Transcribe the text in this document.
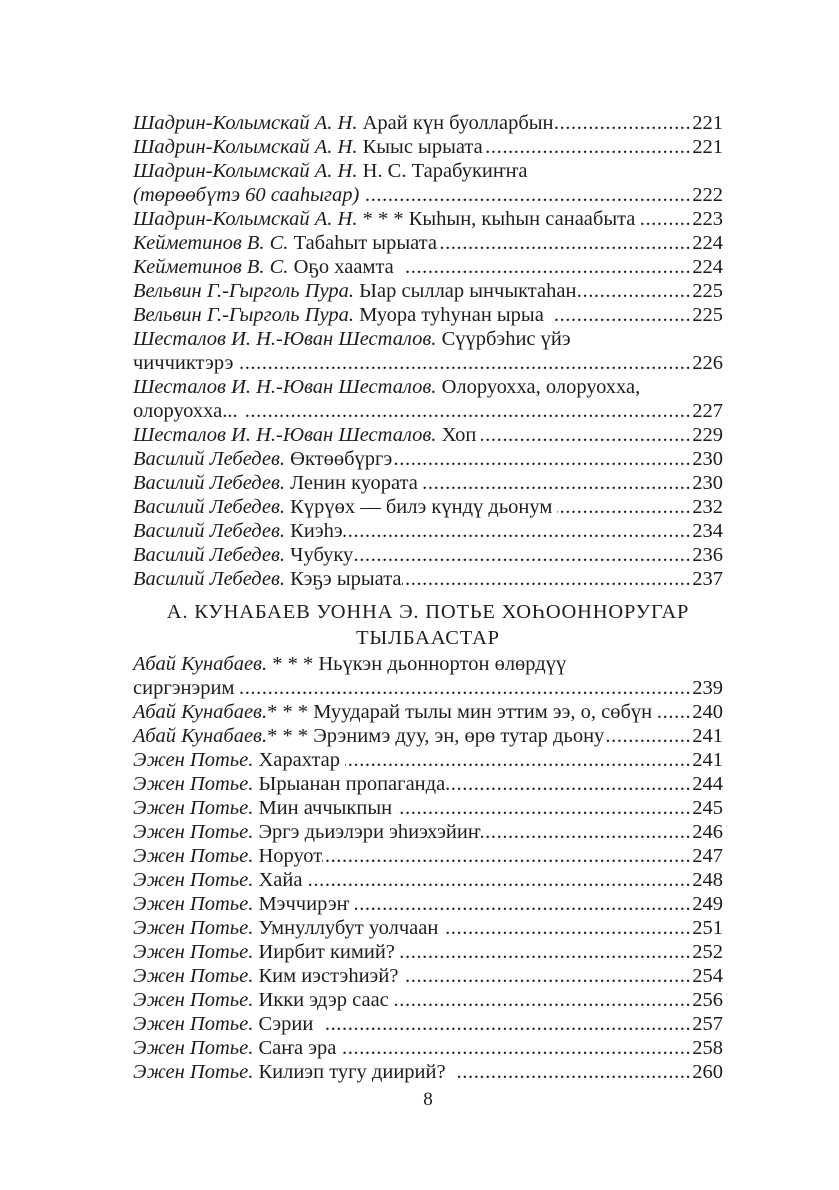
Шадрин-Колымскай А. Н. Арай күн буолларбын .....	221
Шадрин-Колымскай А. Н. Кыыс ырыата .....	221
Шадрин-Колымскай А. Н. Н. С. Тарабукиҥҥа
(төрөөбүтэ 60 сааһыгар) .....	222
Шадрин-Колымскай А. Н. * * * Кыһын, кыһын санаабыта .....	223
Кейметинов В. С. Табаһыт ырыата .....	224
Кейметинов В. С. Оҕо хаамта .....	224
Вельвин Г.-Гырголь Пура. Ыар сыллар ынчыктаһан .....	225
Вельвин Г.-Гырголь Пура. Муора туһунан ырыа .....	225
Шесталов И. Н.-Юван Шесталов. Сүүрбэһис үйэ
чиччиктэрэ .....	226
Шесталов И. Н.-Юван Шесталов. Олоруохха, олоруохха,
олоруохха... .....	227
Шесталов И. Н.-Юван Шесталов. Хоп .....	229
Василий Лебедев. Өктөөбүргэ .....	230
Василий Лебедев. Ленин куората .....	230
Василий Лебедев. Күрүөх — билэ күндү дьонум .....	232
Василий Лебедев. Киэһэ .....	234
Василий Лебедев. Чубуку .....	236
Василий Лебедев. Кэҕэ ырыата .....	237
А. КУНАБАЕВ УОННА Э. ПОТЬЕ ХОҺООННОРУГАР
ТЫЛБААСТАР
Абай Кунабаев. * * * Ньүкэн дьоннортон өлөрдүү
сиргэнэрим .....	239
Абай Кунабаев. * * * Муударай тылы мин эттим ээ, о, сөбүн ..... 240
Абай Кунабаев. * * * Эрэнимэ дуу, эн, өрө тутар дьону .....	241
Эжен Потье. Харахтар .....	241
Эжен Потье. Ырыанан пропаганда .....	244
Эжен Потье. Мин аччыкпын .....	245
Эжен Потье. Эргэ дьиэлэри эһиэхэйиҥ .....	246
Эжен Потье. Норуот .....	247
Эжен Потье. Хайа .....	248
Эжен Потье. Мэччирэҥ .....	249
Эжен Потье. Умнуллубут уолчаан .....	251
Эжен Потье. Иирбит кимий? .....	252
Эжен Потье. Ким иэстэһиэй? .....	254
Эжен Потье. Икки эдэр саас .....	256
Эжен Потье. Сэрии .....	257
Эжен Потье. Саҥа эра .....	258
Эжен Потье. Килиэп тугу диирий? .....	260
8
